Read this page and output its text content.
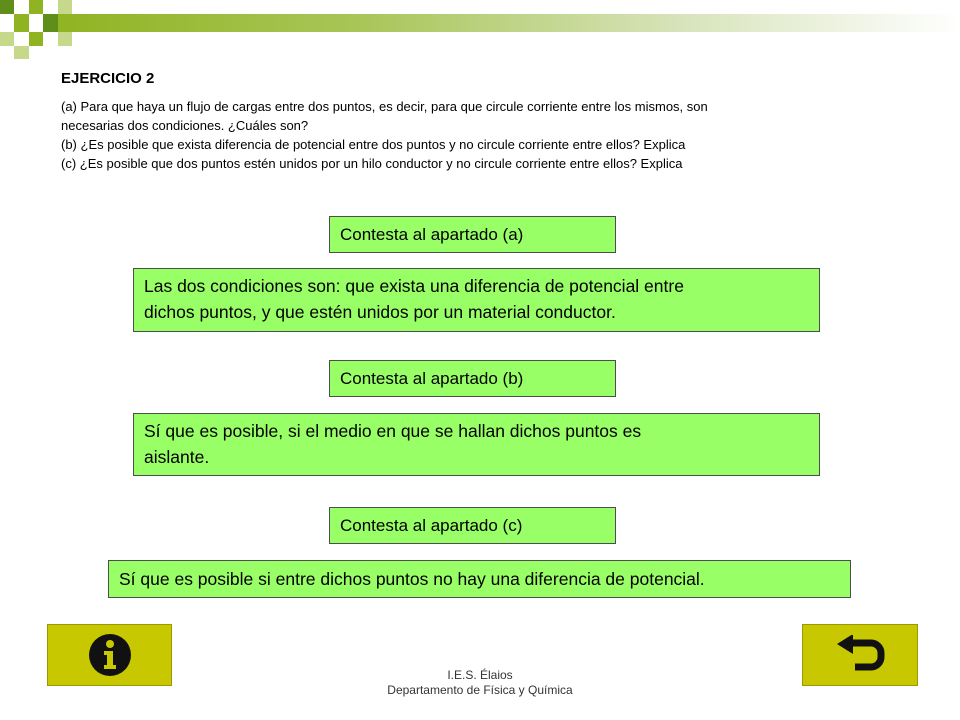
EJERCICIO 2
(a) Para que haya un flujo de cargas entre dos puntos, es decir, para que circule corriente entre los mismos, son
necesarias dos condiciones. ¿Cuáles son?
(b) ¿Es posible que exista diferencia de potencial entre dos puntos y no circule corriente entre ellos? Explica
(c) ¿Es posible que dos puntos estén unidos por un hilo conductor y no circule corriente entre ellos? Explica
Contesta al apartado (a)
Las dos condiciones son: que exista una diferencia de potencial entre
dichos puntos, y que estén unidos por un material conductor.
Contesta al apartado (b)
Sí que es posible, si el medio en que se hallan dichos puntos es
aislante.
Contesta al apartado (c)
Sí que es posible si entre dichos puntos no hay una diferencia de potencial.
I.E.S. Élaios
Departamento de Física y Química
